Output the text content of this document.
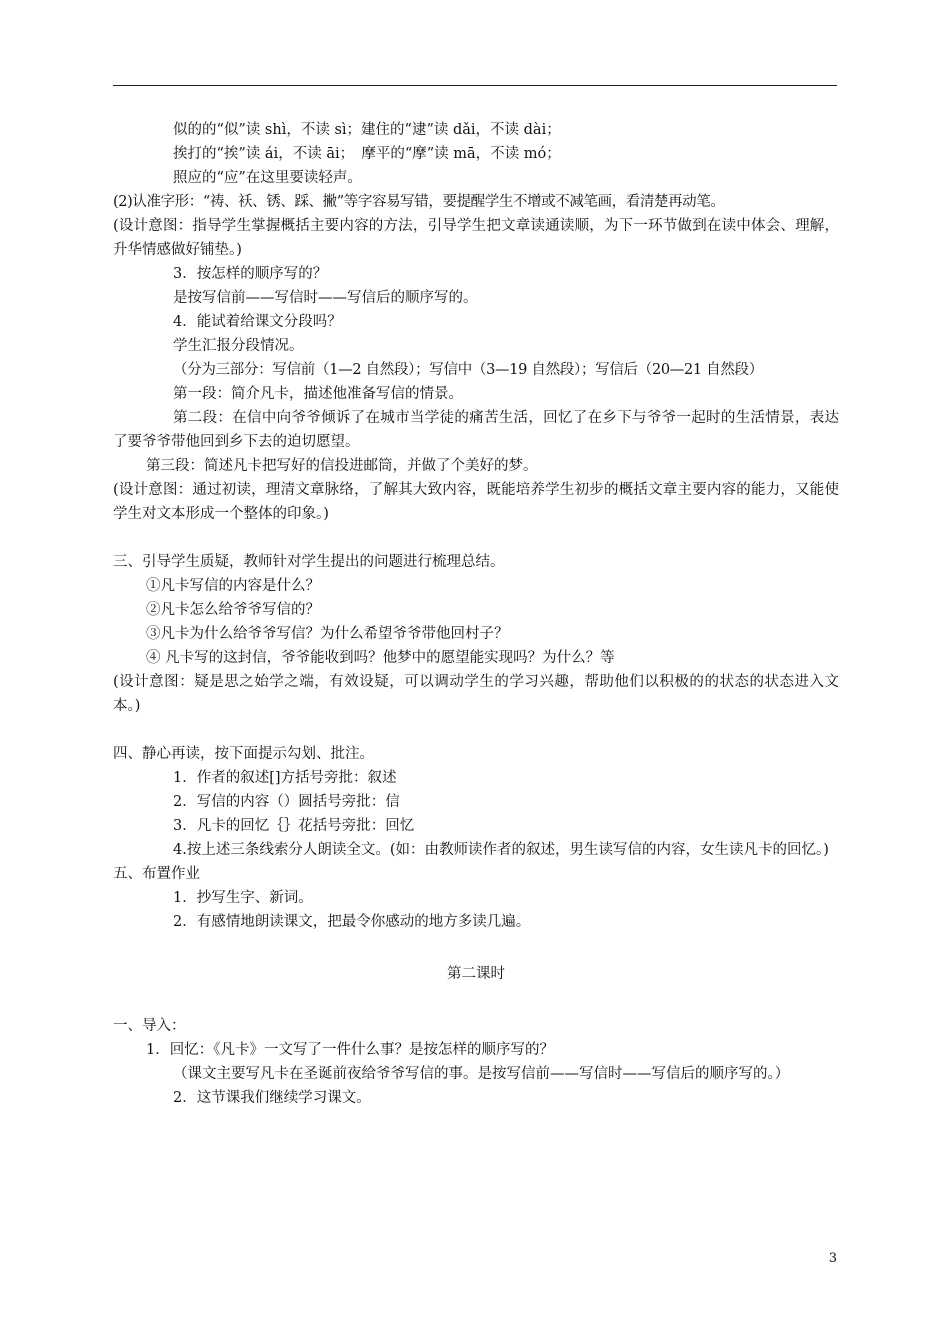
似的的“似”读 shì，不读 sì；建住的“逮”读 dǎi，不读 dài；

挨打的“挨”读 ái，不读 āi；　摩平的“摩”读 mā，不读 mó；

照应的“应”在这里要读轻声。

(2)认准字形：“祷、袄、锈、踩、撇”等字容易写错，要提醒学生不增或不减笔画，看清楚再动笔。

(设计意图：指导学生掌握概括主要内容的方法，引导学生把文章读通读顺，为下一环节做到在读中体会、理解，升华情感做好铺垫。)

3．按怎样的顺序写的？

是按写信前——写信时——写信后的顺序写的。

4．能试着给课文分段吗？

学生汇报分段情况。

（分为三部分：写信前（1—2 自然段）；写信中（3—19 自然段）；写信后（20—21 自然段）

第一段：简介凡卡，描述他准备写信的情景。

第二段：在信中向爷爷倾诉了在城市当学徒的痛苦生活，回忆了在乡下与爷爷一起时的生活情景，表达了要爷爷带他回到乡下去的迫切愿望。

第三段：简述凡卡把写好的信投进邮筒，并做了个美好的梦。

(设计意图：通过初读，理清文章脉络，了解其大致内容，既能培养学生初步的概括文章主要内容的能力，又能使学生对文本形成一个整体的印象。)

三、引导学生质疑，教师针对学生提出的问题进行梳理总结。

①凡卡写信的内容是什么？

②凡卡怎么给爷爷写信的？

③凡卡为什么给爷爷写信？为什么希望爷爷带他回村子？

④ 凡卡写的这封信，爷爷能收到吗？他梦中的愿望能实现吗？为什么？等

(设计意图：疑是思之始学之端，有效设疑，可以调动学生的学习兴趣，帮助他们以积极的的状态的状态进入文本。)

四、静心再读，按下面提示勾划、批注。

1．作者的叙述[]方括号旁批：叙述

2．写信的内容（）圆括号旁批：信

3．凡卡的回忆｛｝花括号旁批：回忆

4.按上述三条线索分人朗读全文。(如：由教师读作者的叙述，男生读写信的内容，女生读凡卡的回忆。)

五、布置作业

1．抄写生字、新词。

2．有感情地朗读课文，把最令你感动的地方多读几遍。

第二课时

一、导入：

1．回忆：《凡卡》一文写了一件什么事？是按怎样的顺序写的？

（课文主要写凡卡在圣诞前夜给爷爷写信的事。是按写信前——写信时——写信后的顺序写的。）

2．这节课我们继续学习课文。

3
